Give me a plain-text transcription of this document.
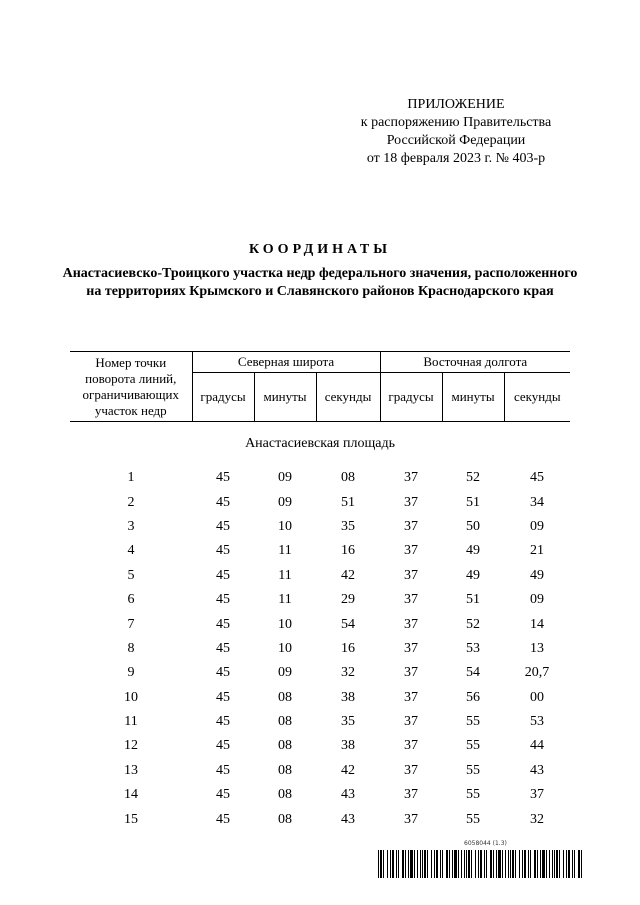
ПРИЛОЖЕНИЕ
к распоряжению Правительства
Российской Федерации
от 18 февраля 2023 г. № 403-р
КООРДИНАТЫ
Анастасиевско-Троицкого участка недр федерального значения, расположенного на территориях Крымского и Славянского районов Краснодарского края
Номер точки поворота линий, ограничивающих участок недр	Северная широта			Восточная долгота		
	градусы	минуты	секунды	градусы	минуты	секунды
Анастасиевская площадь						
1	45	09	08	37	52	45
2	45	09	51	37	51	34
3	45	10	35	37	50	09
4	45	11	16	37	49	21
5	45	11	42	37	49	49
6	45	11	29	37	51	09
7	45	10	54	37	52	14
8	45	10	16	37	53	13
9	45	09	32	37	54	20,7
10	45	08	38	37	56	00
11	45	08	35	37	55	53
12	45	08	38	37	55	44
13	45	08	42	37	55	43
14	45	08	43	37	55	37
15	45	08	43	37	55	32
6058044 (1.3)
